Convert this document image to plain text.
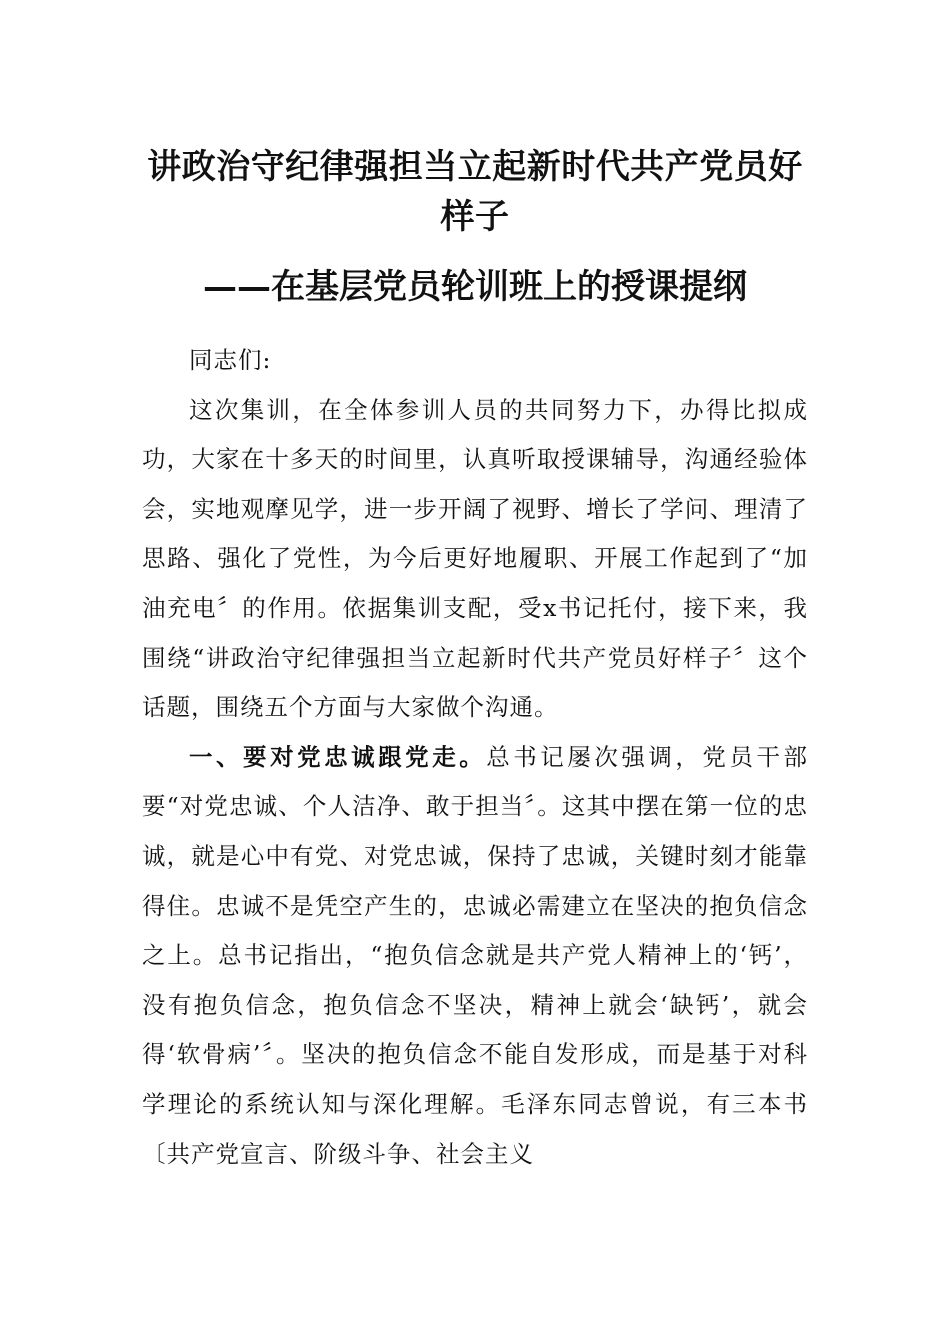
讲政治守纪律强担当立起新时代共产党员好样子
——在基层党员轮训班上的授课提纲

同志们:

这次集训，在全体参训人员的共同努力下，办得比拟成功，大家在十多天的时间里，认真听取授课辅导，沟通经验体会，实地观摩见学，进一步开阔了视野、增长了学问、理清了思路、强化了党性，为今后更好地履职、开展工作起到了“加油充电〞的作用。依据集训支配，受x书记托付，接下来，我围绕“讲政治守纪律强担当立起新时代共产党员好样子〞这个话题，围绕五个方面与大家做个沟通。

一、要对党忠诚跟党走。总书记屡次强调，党员干部要“对党忠诚、个人洁净、敢于担当〞。这其中摆在第一位的忠诚，就是心中有党、对党忠诚，保持了忠诚，关键时刻才能靠得住。忠诚不是凭空产生的，忠诚必需建立在坚决的抱负信念之上。总书记指出，“抱负信念就是共产党人精神上的‘钙’，没有抱负信念，抱负信念不坚决，精神上就会‘缺钙’，就会得‘软骨病’〞。坚决的抱负信念不能自发形成，而是基于对科学理论的系统认知与深化理解。毛泽东同志曾说，有三本书〔共产党宣言、阶级斗争、社会主义
